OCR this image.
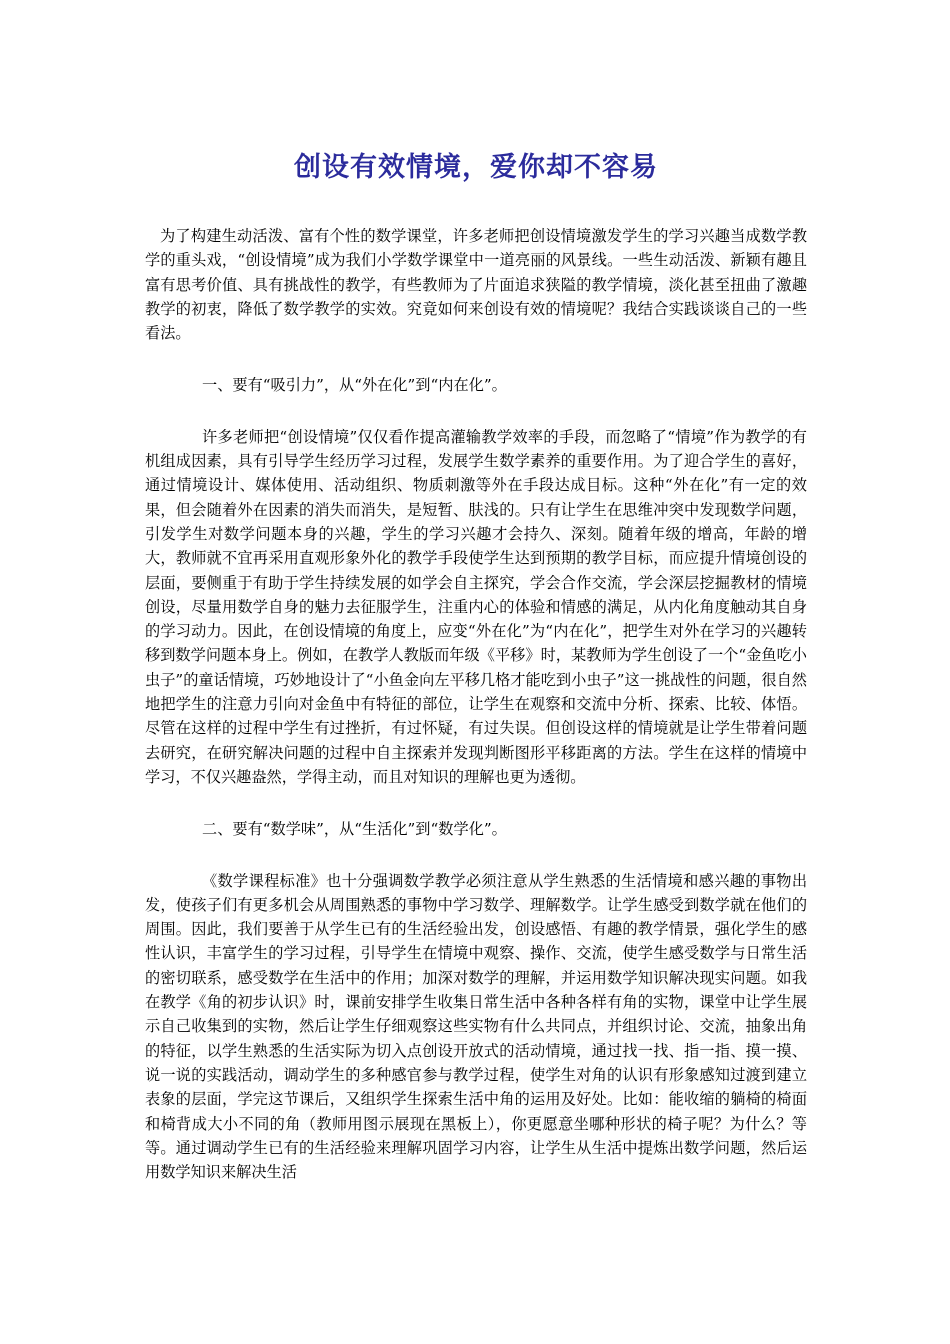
创设有效情境，爱你却不容易

为了构建生动活泼、富有个性的数学课堂，许多老师把创设情境激发学生的学习兴趣当成数学教学的重头戏，“创设情境”成为我们小学数学课堂中一道亮丽的风景线。一些生动活泼、新颖有趣且富有思考价值、具有挑战性的教学，有些教师为了片面追求狭隘的教学情境，淡化甚至扭曲了激趣教学的初衷，降低了数学教学的实效。究竟如何来创设有效的情境呢？我结合实践谈谈自己的一些看法。

一、要有“吸引力”，从“外在化”到“内在化”。

许多老师把“创设情境”仅仅看作提高灌输教学效率的手段，而忽略了“情境”作为教学的有机组成因素，具有引导学生经历学习过程，发展学生数学素养的重要作用。为了迎合学生的喜好，通过情境设计、媒体使用、活动组织、物质刺激等外在手段达成目标。这种“外在化”有一定的效果，但会随着外在因素的消失而消失，是短暂、肤浅的。只有让学生在思维冲突中发现数学问题，引发学生对数学问题本身的兴趣，学生的学习兴趣才会持久、深刻。随着年级的增高，年龄的增大，教师就不宜再采用直观形象外化的教学手段使学生达到预期的教学目标，而应提升情境创设的层面，要侧重于有助于学生持续发展的如学会自主探究，学会合作交流，学会深层挖掘教材的情境创设，尽量用数学自身的魅力去征服学生，注重内心的体验和情感的满足，从内化角度触动其自身的学习动力。因此，在创设情境的角度上，应变“外在化”为“内在化”，把学生对外在学习的兴趣转移到数学问题本身上。例如，在教学人教版而年级《平移》时，某教师为学生创设了一个“金鱼吃小虫子”的童话情境，巧妙地设计了“小鱼金向左平移几格才能吃到小虫子”这一挑战性的问题，很自然地把学生的注意力引向对金鱼中有特征的部位，让学生在观察和交流中分析、探索、比较、体悟。尽管在这样的过程中学生有过挫折，有过怀疑，有过失误。但创设这样的情境就是让学生带着问题去研究，在研究解决问题的过程中自主探索并发现判断图形平移距离的方法。学生在这样的情境中学习，不仅兴趣盎然，学得主动，而且对知识的理解也更为透彻。

二、要有“数学味”，从“生活化”到“数学化”。

《数学课程标准》也十分强调数学教学必须注意从学生熟悉的生活情境和感兴趣的事物出发，使孩子们有更多机会从周围熟悉的事物中学习数学、理解数学。让学生感受到数学就在他们的周围。因此，我们要善于从学生已有的生活经验出发，创设感悟、有趣的教学情景，强化学生的感性认识，丰富学生的学习过程，引导学生在情境中观察、操作、交流，使学生感受数学与日常生活的密切联系，感受数学在生活中的作用；加深对数学的理解，并运用数学知识解决现实问题。如我在教学《角的初步认识》时，课前安排学生收集日常生活中各种各样有角的实物，课堂中让学生展示自己收集到的实物，然后让学生仔细观察这些实物有什么共同点，并组织讨论、交流，抽象出角的特征，以学生熟悉的生活实际为切入点创设开放式的活动情境，通过找一找、指一指、摸一摸、说一说的实践活动，调动学生的多种感官参与教学过程，使学生对角的认识有形象感知过渡到建立表象的层面，学完这节课后，又组织学生探索生活中角的运用及好处。比如：能收缩的躺椅的椅面和椅背成大小不同的角（教师用图示展现在黑板上），你更愿意坐哪种形状的椅子呢？为什么？等等。通过调动学生已有的生活经验来理解巩固学习内容，让学生从生活中提炼出数学问题，然后运用数学知识来解决生活
